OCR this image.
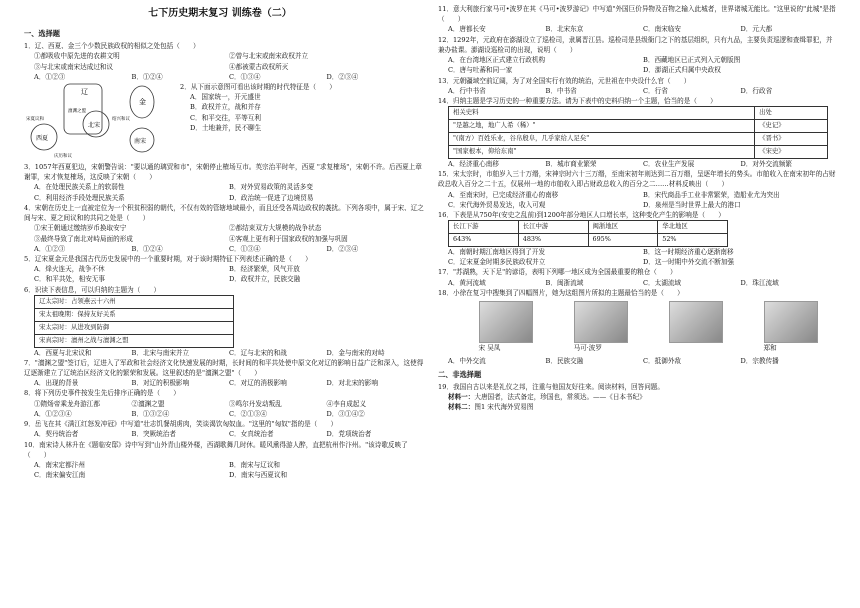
七下历史期末复习 训练卷（二）
一、选择题

1．辽、西夏、金三个少数民族政权的相似之处包括（　　）

①都吸收中原先进的农耕文明	②曾与北宋或南宋政权并立
③与北宋或南宋达成过和议	④都被蒙古政权所灭
A．①②③	B．①②④	C．①③④	D．②③④
辽
西夏
北宋
金
南宋
澶渊之盟
庆历和议
绍兴和议
宋夏议和

2．从下面示意图可看出该时期的时代特征是（　　）

A．国家统一，开元盛世

B．政权并立，战和并存

C．和平交往，平等互利

D．土地兼并，民不聊生

3．1057年西夏犯边，宋朝警告说："要以通的璃贸和市"，宋朝停止榷场互市。英宗治平时年，西夏 "求复榷场"，宋朝不许。后西夏上章谢罪，宋才恢复榷场，这反映了宋朝（　　）

A．在处理民族关系上的软弱性	B．对外贸易政策的灵活多变
C．利用经济手段处理民族关系	D．政治统一促进了边境贸易

4．宋朝在历史上一直被定位为一个积贫积弱的朝代，不仅有效的管辖地域最小，而且还受各周边政权的袭扰。下列各项中，属于宋、辽之间与宋、夏之间议和的共同之处是（　　）

①宋王朝通过缴纳岁币换取安宁	②都结束双方大规模的战争状态
③最终导致了南北对峙局面的形成	④客观上更有利于国家政权的加强与巩固
A．①②③	B．①②④	C．①③④	D．②③④

5．辽宋夏金元是我国古代历史发展中的一个重要时期，对于该时期特征下列表述正确的是（　　）

A．烽火连天，战争不休	B．经济繁荣，风气开放
C．和平共处，相安无事	D．政权并立，民族交融

6．识读下表信息，可以归纳的主题为（　　）

辽太宗时：占领燕云十六州
宋太祖晚期：保持友好关系
宋太宗时：从进攻到防御
宋真宗时：澶州之战与澶渊之盟
A．西夏与北宋议和	B．北宋与南宋并立	C．辽与北宋的和战	D．金与南宋的对峙

7．"澶渊之盟"签订后，辽进入了军政和社会经济文化快速发展的时期，长时间的和平共处使中原文化对辽的影响日益广泛和深入，这使得辽逐渐建立了辽统治区经济文化的繁荣和发展。这里叙述的是"澶渊之盟"（　　）

A．出现的背景	B．对辽的积极影响	C．对辽的消极影响	D．对北宋的影响

8．将下列历史事件按发生先后排序正确的是（　　）

①隋炀帝乘龙舟游江都	②澶渊之盟	③鸣尔丹发动叛乱	④李自成起义
A．①②③④	B．①③②④	C．②①③④	D．③①④②

9．岳飞在其《满江红怒发冲冠》中写道"壮志饥餐胡虏肉，笑谈渴饮匈奴血。"这里的"匈奴"指的是（　　）

A．契丹统治者	B．突厥统治者	C．女真统治者	D．党项统治者

10．南宋诗人林升在《题临安邸》诗中写到"山外青山楼外楼，西湖歌舞几时休。暖风熏得游人醉，直把杭州作汴州。"该诗歌反映了（　　）

A．南宋定都汴州	B．南宋与辽议和
C．南宋偏安江南	D．南宋与西夏议和

11．意大利旅行家马可•波罗在其《马可•波罗游记》中写道"外国巨价异物及百物之输入此城者，世界诸城无能比。"这里说的"此城"是指（　　）

A．唐都长安	B．北宋东京	C．南宋临安	D．元大都

12．1292年，元政府在澎湖设立了巡检司，隶属晋江县。巡检司是县级衙门之下的基层组织，只有九品，主要负责巡逻和查缉罪犯，并兼办盐课。澎湖设巡检司的出现，说明（　　）

A．在台湾地区正式建立行政机构	B．西藏地区已正式列入元朝版图
C．唐与吐蕃和同一家	D．澎湖正式归属中央政权

13．元朝疆域空前辽阔，为了对全国实行有效的统治，元世祖在中央设什么官（　　）

A．行中书省	B．中书省	C．行省	D．行政省

14．归纳主题是学习历史的一种重要方法。请为下表中的史料归纳一个主题，恰当的是（　　）

相关史料	出处
"是越之地，地广人希（稀）"	《史记》
"(南方）百姓乐业，谷帛殷阜，几乎家给人足矣"	《晋书》
"国家根本，仰给东南"	《宋史》
A．经济重心南移	B．城市商业繁荣	C．农业生产发展	D．对外交流频繁

15．宋太宗时，市舶岁入三十万缗，宋神宗时六十三万缗，至南宋初年则达到二百万缗，呈逐年增长的势头。市舶收入在南宋初年的占财政总收入百分之二十五，仅展州一地的市舶收入即占财政总收入的百分之二……材料反映出（　　）

A．至南宋时，已完成经济重心的南移	B．宋代商品手工业非常繁荣，造船业尤为突出
C．宋代海外贸易发达，收入可观	D．泉州是当时世界上最大的港口

16．下表是从750年(安史之乱前)到1200年部分地区人口增长率，这种变化产生的影响是（　　）

长江下游	长江中游	闽浙地区	华北地区
643%	483%	695%	52%
A．南朝时期江南地区得到了开发	B．这一时期经济重心逐渐南移
C．辽宋夏金时期多民族政权并立	D．这一时期中外交流不断加强

17．"苏湖熟，天下足"的谚语，表明下列哪一地区成为全国最重要的粮仓（　　）

A．黄河流域	B．闽浙流域	C．太湖流域	D．珠江流域

18．小徐在复习中搜集到了四幅图片，她为这组图片所拟的主题最恰当的是（　　）

宋 吴凤	马可·波罗	郑和
A．中外交流	B．民族交融	C．抵御外敌	D．宗教传播
二、非选择题

19．我国自古以来是礼仪之邦，注重与他国友好往来。阅读材料，回答问题。

材料一：大唐国者，法式备定，珍国也，常须达。——《日本书纪》

材料二：图1 宋代海外贸易图
